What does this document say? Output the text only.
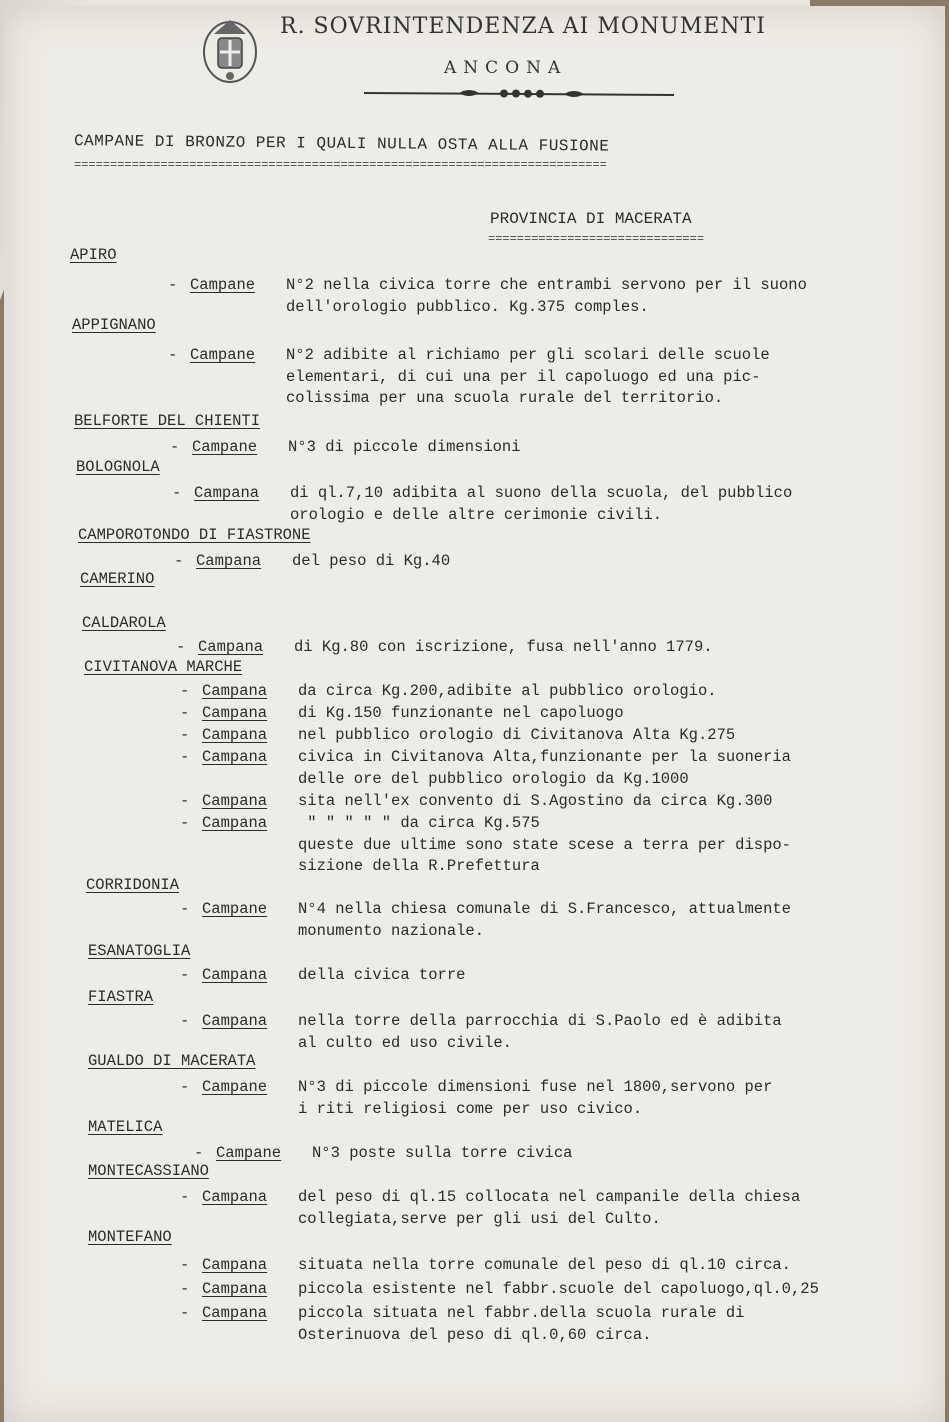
R. SOVRINTENDENZA AI MONUMENTI
ANCONA
CAMPANE DI BRONZO PER I QUALI NULLA OSTA ALLA FUSIONE
==========================================================================
PROVINCIA DI MACERATA
==============================
APIRO
- Campane N°2 nella civica torre che entrambi servono per il suono
dell'orologio pubblico. Kg.375 comples.
APPIGNANO
- Campane N°2 adibite al richiamo per gli scolari delle scuole
elementari, di cui una per il capoluogo ed una pic-
colissima per una scuola rurale del territorio.
BELFORTE DEL CHIENTI
- Campane N°3 di piccole dimensioni
BOLOGNOLA
- Campana di ql.7,10 adibita al suono della scuola, del pubblico
orologio e delle altre cerimonie civili.
CAMPOROTONDO DI FIASTRONE
- Campana del peso di Kg.40
CAMERINO
CALDAROLA
- Campana di Kg.80 con iscrizione, fusa nell'anno 1779.
CIVITANOVA MARCHE
- Campana da circa Kg.200,adibite al pubblico orologio.
- Campana di Kg.150 funzionante nel capoluogo
- Campana nel pubblico orologio di Civitanova Alta Kg.275
- Campana civica in Civitanova Alta,funzionante per la suoneria
delle ore del pubblico orologio da Kg.1000
- Campana sita nell'ex convento di S.Agostino da circa Kg.300
- Campana " " " " " da circa Kg.575
queste due ultime sono state scese a terra per dispo-
sizione della R.Prefettura
CORRIDONIA
- Campane N°4 nella chiesa comunale di S.Francesco, attualmente
monumento nazionale.
ESANATOGLIA
- Campana della civica torre
FIASTRA
- Campana nella torre della parrocchia di S.Paolo ed è adibita
al culto ed uso civile.
GUALDO DI MACERATA
- Campane N°3 di piccole dimensioni fuse nel 1800,servono per
i riti religiosi come per uso civico.
MATELICA
- Campane N°3 poste sulla torre civica
MONTECASSIANO
- Campana del peso di ql.15 collocata nel campanile della chiesa
collegiata,serve per gli usi del Culto.
MONTEFANO
- Campana situata nella torre comunale del peso di ql.10 circa.
- Campana piccola esistente nel fabbr.scuole del capoluogo,ql.0,25
- Campana piccola situata nel fabbr.della scuola rurale di
Osterinuova del peso di ql.0,60 circa.
